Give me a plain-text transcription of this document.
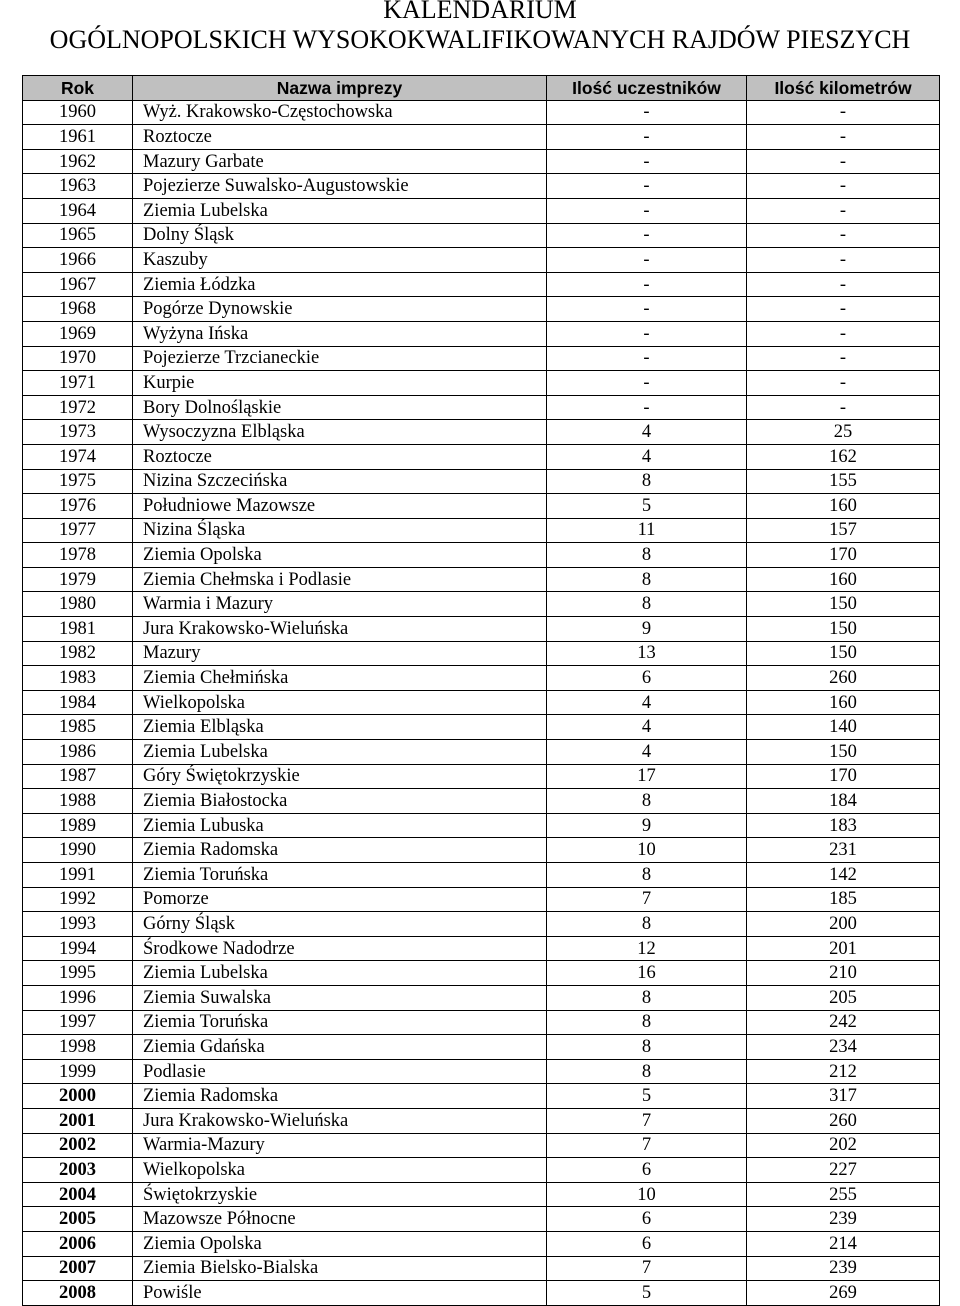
KALENDARIUM
OGÓLNOPOLSKICH WYSOKOKWALIFIKOWANYCH RAJDÓW PIESZYCH
Rok	Nazwa imprezy	Ilość uczestników	Ilość kilometrów
1960	Wyż. Krakowsko-Częstochowska	-	-
1961	Roztocze	-	-
1962	Mazury Garbate	-	-
1963	Pojezierze Suwalsko-Augustowskie	-	-
1964	Ziemia Lubelska	-	-
1965	Dolny Śląsk	-	-
1966	Kaszuby	-	-
1967	Ziemia Łódzka	-	-
1968	Pogórze Dynowskie	-	-
1969	Wyżyna Ińska	-	-
1970	Pojezierze Trzcianeckie	-	-
1971	Kurpie	-	-
1972	Bory Dolnośląskie	-	-
1973	Wysoczyzna Elbląska	4	25
1974	Roztocze	4	162
1975	Nizina Szczecińska	8	155
1976	Południowe Mazowsze	5	160
1977	Nizina Śląska	11	157
1978	Ziemia Opolska	8	170
1979	Ziemia Chełmska i Podlasie	8	160
1980	Warmia i Mazury	8	150
1981	Jura Krakowsko-Wieluńska	9	150
1982	Mazury	13	150
1983	Ziemia Chełmińska	6	260
1984	Wielkopolska	4	160
1985	Ziemia Elbląska	4	140
1986	Ziemia Lubelska	4	150
1987	Góry Świętokrzyskie	17	170
1988	Ziemia Białostocka	8	184
1989	Ziemia Lubuska	9	183
1990	Ziemia Radomska	10	231
1991	Ziemia Toruńska	8	142
1992	Pomorze	7	185
1993	Górny Śląsk	8	200
1994	Środkowe Nadodrze	12	201
1995	Ziemia Lubelska	16	210
1996	Ziemia Suwalska	8	205
1997	Ziemia Toruńska	8	242
1998	Ziemia Gdańska	8	234
1999	Podlasie	8	212
2000	Ziemia Radomska	5	317
2001	Jura Krakowsko-Wieluńska	7	260
2002	Warmia-Mazury	7	202
2003	Wielkopolska	6	227
2004	Świętokrzyskie	10	255
2005	Mazowsze Północne	6	239
2006	Ziemia Opolska	6	214
2007	Ziemia Bielsko-Bialska	7	239
2008	Powiśle	5	269
